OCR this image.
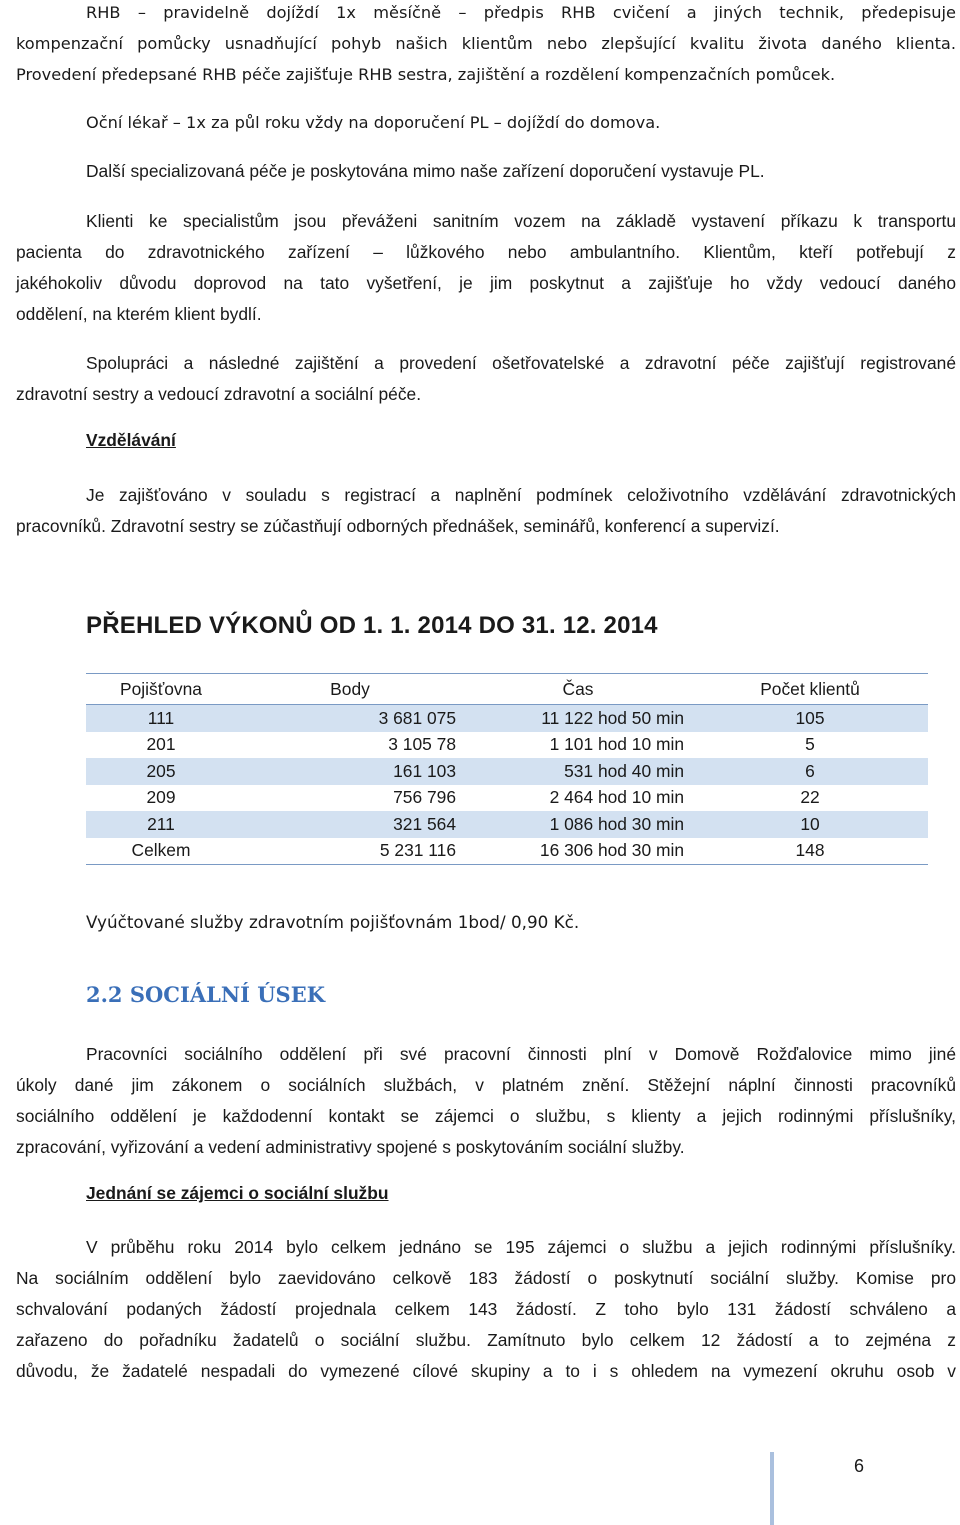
RHB – pravidelně dojíždí 1x měsíčně – předpis RHB cvičení a jiných technik, předepisuje
kompenzační pomůcky usnadňující pohyb našich klientům nebo zlepšující kvalitu života daného klienta.
Provedení předepsané RHB péče zajišťuje RHB sestra, zajištění a rozdělení kompenzačních pomůcek.
Oční lékař – 1x za půl roku vždy na doporučení PL – dojíždí do domova.
Další specializovaná péče je poskytována mimo naše zařízení doporučení vystavuje PL.
Klienti ke specialistům jsou převáženi sanitním vozem na základě vystavení příkazu k transportu
pacienta do zdravotnického zařízení – lůžkového nebo ambulantního. Klientům, kteří potřebují z
jakéhokoliv důvodu doprovod na tato vyšetření, je jim poskytnut a zajišťuje ho vždy vedoucí daného
oddělení, na kterém klient bydlí.
Spolupráci a následné zajištění a provedení ošetřovatelské a zdravotní péče zajišťují registrované
zdravotní sestry a vedoucí zdravotní a sociální péče.
Vzdělávání
Je zajišťováno v souladu s registrací a naplnění podmínek celoživotního vzdělávání zdravotnických
pracovníků. Zdravotní sestry se zúčastňují odborných přednášek, seminářů, konferencí a supervizí.
PŘEHLED VÝKONŮ OD 1. 1. 2014 DO 31. 12. 2014
Pojišťovna	Body	Čas	Počet klientů
111	3 681 075	11 122 hod 50 min	105
201	3 105 78	1 101 hod 10 min	5
205	161 103	531 hod 40 min	6
209	756 796	2 464 hod 10 min	22
211	321 564	1 086 hod 30 min	10
Celkem	5 231 116	16 306 hod 30 min	148
Vyúčtované služby zdravotním pojišťovnám 1bod/ 0,90 Kč.
2.2 SOCIÁLNÍ ÚSEK
Pracovníci sociálního oddělení při své pracovní činnosti plní v Domově Rožďalovice mimo jiné
úkoly dané jim zákonem o sociálních službách, v platném znění. Stěžejní náplní činnosti pracovníků
sociálního oddělení je každodenní kontakt se zájemci o službu, s klienty a jejich rodinnými příslušníky,
zpracování, vyřizování a vedení administrativy spojené s poskytováním sociální služby.
Jednání se zájemci o sociální službu
V průběhu roku 2014 bylo celkem jednáno se 195 zájemci o službu a jejich rodinnými příslušníky.
Na sociálním oddělení bylo zaevidováno celkově 183 žádostí o poskytnutí sociální služby. Komise pro
schvalování podaných žádostí projednala celkem 143 žádostí. Z toho bylo 131 žádostí schváleno a
zařazeno do pořadníku žadatelů o sociální službu. Zamítnuto bylo celkem 12 žádostí a to zejména z
důvodu, že žadatelé nespadali do vymezené cílové skupiny a to i s ohledem na vymezení okruhu osob v
6
